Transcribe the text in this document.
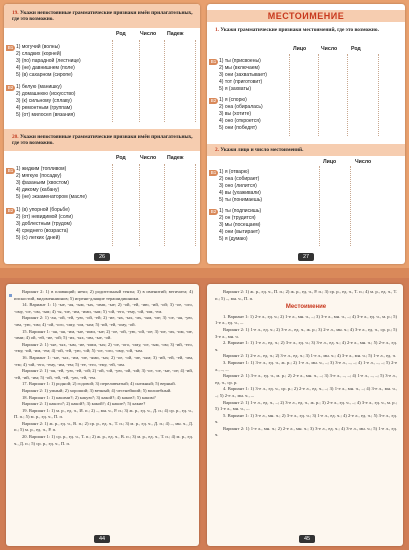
19. Укажи непостоянные грамматические признаки имён прилагательных, где это возможно.
Род	Число Падеж
В1 1) могучий (волны)
2) сладких (корней)
3) (по) парадной (лестнице)
4) (не) давнишнем (поле)
5) (в) сахарном (сиропе)
В2 1) белую (манишку)
2) домашнюю (искусство)
3) (к) сильному (сплаву)
4) ремонтным (группам)
5) (от) милосел (вязания)
20. Укажи непостоянные грамматические признаки имён прилагательных, где это возможно.
Род	Число Падеж
В1 1) жидким (топливом)
2) мягкую (посадку)
3) фазаньим (хвостом)
4) дикому (кабану)
5) (не) экзаменатором (масле)
В2 1) (в) упорной (борьбе)
2) (от) невидимой (соли)
3) доблестным (трудом)
4) среднего (возраста)
5) (с) легких (дней)
26
МЕСТОИМЕНИЕ
1. Укажи грамматические признаки местоимений, где это возможно.
Лицо	Число	Род
В1 1) ты (присвоены)
2) мы (включаем)
3) они (захватывает)
4) тот (приготовит)
5) я (захваты)
В2 1) я (спорю)
2) она (обиралась)
3) вы (хотите)
4) оно (откроется)
5) они (победят)
2. Укажи лицо и число местоимений.
Лицо	Число
В1 1) я (отварю)
2) она (собирает)
3) оно (лилится)
4) вы (ухаживали)
5) ты (понимаешь)
В2 1) ты (подписишь)
2) он (трудится)
3) мы (посещаем)
4) они (вытирает)
5) я (думаю)
27

Вариант 2: 1) в плавящий; нечи; 2) родительный тенэн; 3) в именитий; вегичита; 4) ипскостий, видоменниинов; 5) игрени-длящие терашидишники.

14. Вариант 1: 1) -ые, -ая, -ым, -ых, -имп, -ые; 2) -ой, -ей, -ию, -ий, -ой; 3) -ое, -ого, -ому, -ое, -ом, -ым; 4) -ы, -ие, -им, -ими, -ым; 5) -ой, -его, -ему, -ой, -им, -ем.

Вариант 2: 1) -ая, -ой, -ей, -ую, -ой, -ей; 2) -ие, -ях, -ых, -их, -ым, -ие; 3) -ое, -ая, -ую, -им, -ую, -им; 4) -ой, -ого, -ому, -ом, -ым; 5) -ий, -ей, -ому, -ой.

15. Вариант 1: -ая, -ая, -им, -ые, -ими, -ые; 2) -ое, -ой, -ую, -ой, -ое; 3) -ие, -их, -им, -ие, -ими; 4) ой, -ей, -ие, -ой; 5) -их, -ых, -им, -ые, -ой.

Вариант 2: 1) -ые, -ых, -ым, -ие, -ими, -ых; 2) -ое, -ого, -ому, -ое, -ым, -ом; 3) -ий, -его, -ему, -ий, -им, -ем; 4) -ой, -ей, -ую, -ой; 5) -ое, -ого, -ому, -ой, -ым.

16. Вариант 1: -ые, -ых, -им, -ие, -ями, -ых; 2) -ое, -ой, -ие, -ым; 3) -ий, -ей, -ей, -им, -ем; 4) -ий, -его, -ему, -им, -ем; 5) -ее, -его, -ему, -ей, -им.

Вариант 2: 1) -ая, -ей, -ую, -ей, -ой; 2) -ой, -ой, -ую, -ой, -ий; 3) -ое, -ое, -ые, -ое; 4) -ий, -ей, -ий, -им; 5) -ой, -ей, -ей, -ую, -ей, -ем.

17. Вариант 1: 1) родной; 2) годовой; 3) переливчатый; 4) снежный; 5) верный.

Вариант 2: 1) умный; 2) хороший; 3) вечный; 4) честнейший; 5) волшебный.

18. Вариант 1: 1) какими?; 2) какую?; 3) какой?; 4) каков?; 5) каким?

Вариант 2: 1) какого?; 2) какой?; 3) какой?; 4) какие?; 5) какие?

19. Вариант 1: 1) м. р., ед. ч., И. п.; 2) –, мн. ч., Р. п.; 3) ж. р., ед. ч., Д. п.; 4) ср. р., ед. ч., П. п.; 5) м. р., ед. ч., П. п.

Вариант 2: 1) ж. р., ед. ч., В. п.; 2) ср. р., ед. ч., Т. п.; 3) м. р., ед. ч., Д. п.; 4) –, мн. ч., Д. п.; 5) м. р., ед. ч., Р. п.

20. Вариант 1: 1) ср. р., ед. ч., Т. п.; 2) ж. р., ед. ч., В. п.; 3) м. р., ед. ч., Т. п.; 4) м. р., ед. ч., Д. п.; 5) ср. р., ед. ч., П. п.

44

Вариант 2: 1) ж. р., ед. ч., П. п.; 2) ж. р., ед. ч., Р. п.; 3) ср. р., ед. ч., Т. п.; 4) м. р., ед. ч., Т. п.; 5) –, мн. ч., П. п.

Местоимение

1. Вариант 1: 1) 2-е л., ед. ч.; 2) 1-е л., мн. ч., –; 3) 3-е л., мн. ч., –; 4) 3-е л., ед. ч., м. р.; 5) 1-е л., ед. ч., –.

Вариант 2: 1) 1-е л., ед. ч.; 2) 3-е л., ед. ч., ж. р.; 3) 2-е л., мн. ч.; 4) 3-е л., ед. ч., ср. р.; 5) 3-е л., мн. ч.

2. Вариант 1: 1) 1-е л., ед. ч.; 2) 3-е л., ед. ч.; 3) 3-е л., ед. ч.; 4) 2-е л., мн. ч.; 5) 2-е л., ед. ч.

Вариант 2: 1) 2-е л., ед. ч.; 2) 3-е л., ед. ч.; 3) 1-е л., мн. ч.; 4) 3-е л., мн. ч.; 5) 1-е л., ед. ч.

3. Вариант 1: 1) 3-е л., ед. ч., ж. р.; 2) 1-е л., мн. ч., –; 3) 3-е л., –, –; 4) 1-е л., –, –; 5) 2-е л., –, –.

Вариант 2: 1) 3-е л., ед. ч., м. р.; 2) 2-е л., мн. ч., –; 3) 3-е л., –, –; 4) 1-е л., –, –; 5) 3-е л., ед. ч., ср. р.

4. Вариант 1: 1) 3-е л., ед. ч., ср. р.; 2) 2-е л., ед. ч., –; 3) 1-е л., мн. ч., –; 4) 3-е л., мн. ч., –; 5) 2-е л., мн. ч., –.

Вариант 2: 1) 1-е л., ед. ч., –; 2) 3-е л., ед. ч., ж. р.; 3) 2-е л., ед. ч., –; 4) 3-е л., ед. ч., м. р.; 5) 1-е л., мн. ч., –.

5. Вариант 1: 1) 3-е л., мн. ч.; 2) 3-е л., ед. ч.; 3) 1-е л., ед. ч.; 4) 2-е л., ед. ч.; 5) 3-е л., ед. ч.

Вариант 2: 1) 1-е л., мн. ч.; 2) 2-е л., мн. ч.; 3) 3-е л., ед. ч.; 4) 3-е л., мн. ч.; 5) 1-е л., ед. ч.

45
